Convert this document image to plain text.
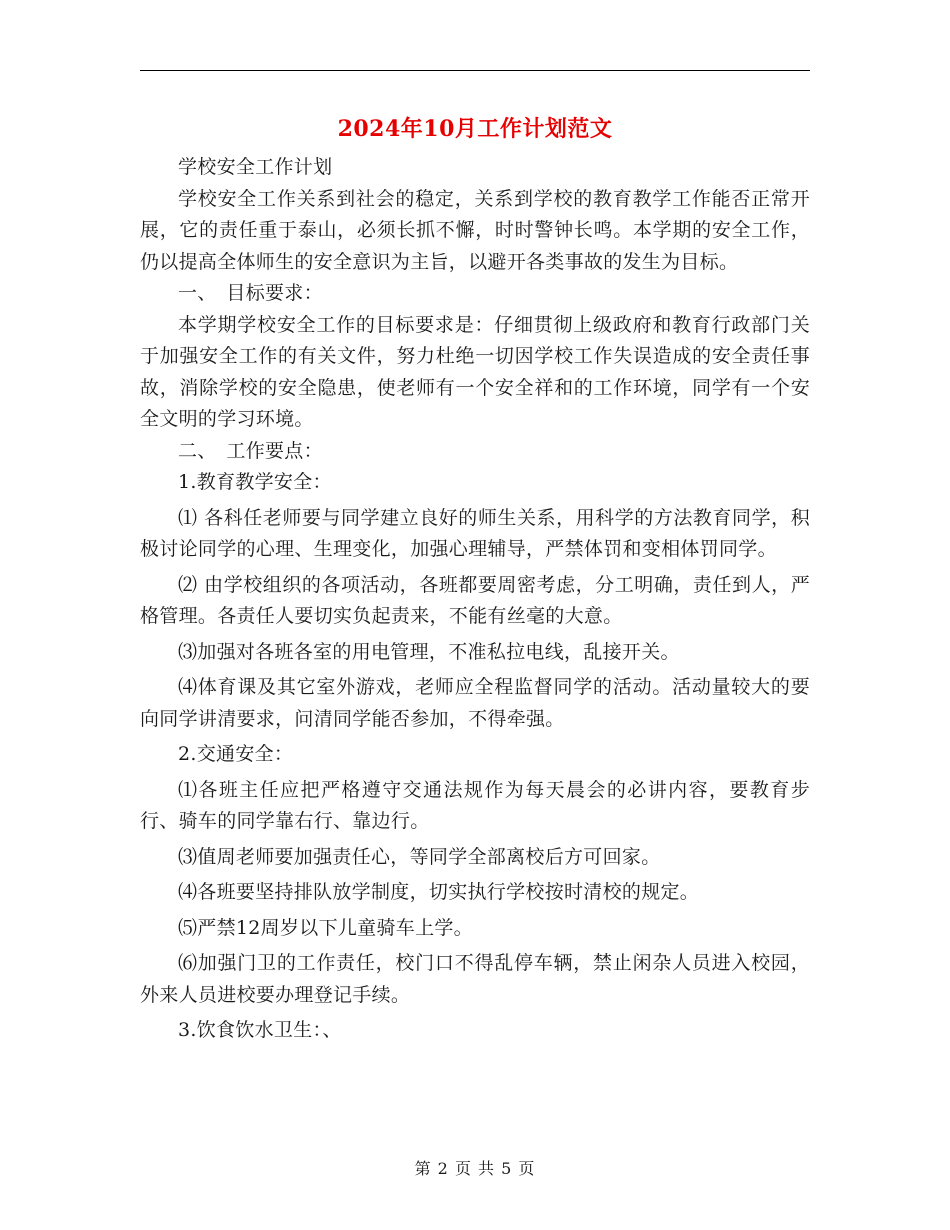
2024年10月工作计划范文

学校安全工作计划

学校安全工作关系到社会的稳定，关系到学校的教育教学工作能否正常开展，它的责任重于泰山，必须长抓不懈，时时警钟长鸣。本学期的安全工作，仍以提高全体师生的安全意识为主旨，以避开各类事故的发生为目标。

一、　目标要求：

本学期学校安全工作的目标要求是：仔细贯彻上级政府和教育行政部门关于加强安全工作的有关文件，努力杜绝一切因学校工作失误造成的安全责任事故，消除学校的安全隐患，使老师有一个安全祥和的工作环境，同学有一个安全文明的学习环境。

二、　工作要点：

1.教育教学安全：

⑴ 各科任老师要与同学建立良好的师生关系，用科学的方法教育同学，积极讨论同学的心理、生理变化，加强心理辅导，严禁体罚和变相体罚同学。

⑵ 由学校组织的各项活动，各班都要周密考虑，分工明确，责任到人，严格管理。各责任人要切实负起责来，不能有丝毫的大意。

⑶加强对各班各室的用电管理，不准私拉电线，乱接开关。

⑷体育课及其它室外游戏，老师应全程监督同学的活动。活动量较大的要向同学讲清要求，问清同学能否参加，不得牵强。

2.交通安全：

⑴各班主任应把严格遵守交通法规作为每天晨会的必讲内容，要教育步行、骑车的同学靠右行、靠边行。

⑶值周老师要加强责任心，等同学全部离校后方可回家。

⑷各班要坚持排队放学制度，切实执行学校按时清校的规定。

⑸严禁12周岁以下儿童骑车上学。

⑹加强门卫的工作责任，校门口不得乱停车辆，禁止闲杂人员进入校园，外来人员进校要办理登记手续。

3.饮食饮水卫生：、

第 2 页 共 5 页
